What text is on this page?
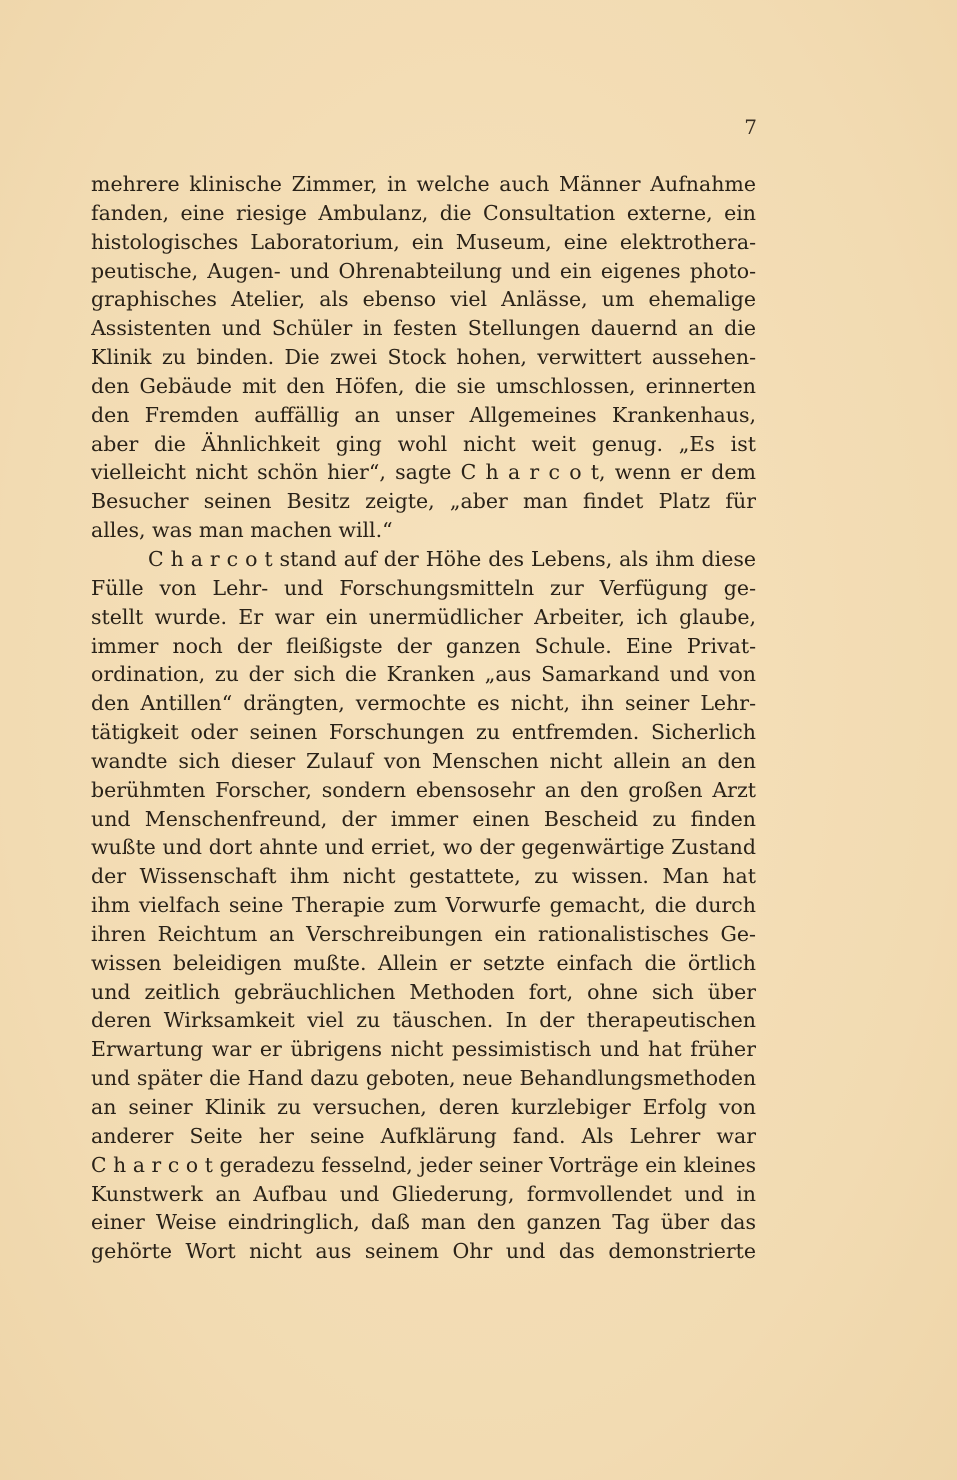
7
mehrere klinische Zimmer, in welche auch Männer Aufnahme
fanden, eine riesige Ambulanz, die Consultation externe, ein
histologisches Laboratorium, ein Museum, eine elektrothera-
peutische, Augen- und Ohrenabteilung und ein eigenes photo-
graphisches Atelier, als ebenso viel Anlässe, um ehemalige
Assistenten und Schüler in festen Stellungen dauernd an die
Klinik zu binden. Die zwei Stock hohen, verwittert aussehen-
den Gebäude mit den Höfen, die sie umschlossen, erinnerten
den Fremden auffällig an unser Allgemeines Krankenhaus,
aber die Ähnlichkeit ging wohl nicht weit genug. „Es ist
vielleicht nicht schön hier“, sagte C h a r c o t, wenn er dem
Besucher seinen Besitz zeigte, „aber man findet Platz für
alles, was man machen will.“
C h a r c o t stand auf der Höhe des Lebens, als ihm diese
Fülle von Lehr- und Forschungsmitteln zur Verfügung ge-
stellt wurde. Er war ein unermüdlicher Arbeiter, ich glaube,
immer noch der fleißigste der ganzen Schule. Eine Privat-
ordination, zu der sich die Kranken „aus Samarkand und von
den Antillen“ drängten, vermochte es nicht, ihn seiner Lehr-
tätigkeit oder seinen Forschungen zu entfremden. Sicherlich
wandte sich dieser Zulauf von Menschen nicht allein an den
berühmten Forscher, sondern ebensosehr an den großen Arzt
und Menschenfreund, der immer einen Bescheid zu finden
wußte und dort ahnte und erriet, wo der gegenwärtige Zustand
der Wissenschaft ihm nicht gestattete, zu wissen. Man hat
ihm vielfach seine Therapie zum Vorwurfe gemacht, die durch
ihren Reichtum an Verschreibungen ein rationalistisches Ge-
wissen beleidigen mußte. Allein er setzte einfach die örtlich
und zeitlich gebräuchlichen Methoden fort, ohne sich über
deren Wirksamkeit viel zu täuschen. In der therapeutischen
Erwartung war er übrigens nicht pessimistisch und hat früher
und später die Hand dazu geboten, neue Behandlungsmethoden
an seiner Klinik zu versuchen, deren kurzlebiger Erfolg von
anderer Seite her seine Aufklärung fand. Als Lehrer war
C h a r c o t geradezu fesselnd, jeder seiner Vorträge ein kleines
Kunstwerk an Aufbau und Gliederung, formvollendet und in
einer Weise eindringlich, daß man den ganzen Tag über das
gehörte Wort nicht aus seinem Ohr und das demonstrierte
